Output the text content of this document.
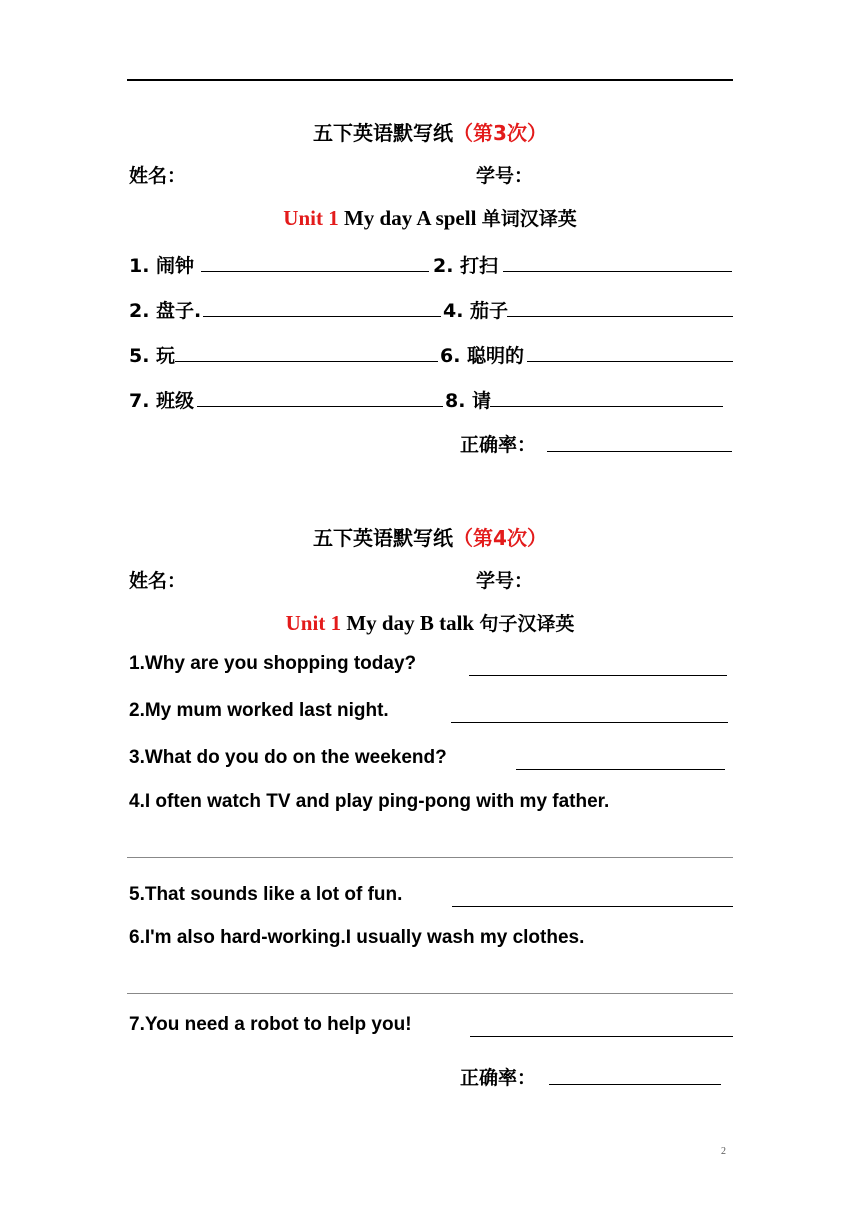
五下英语默写纸（第3次）
姓名：	学号：
Unit 1 My day A spell 单词汉译英
1. 闹钟	2. 打扫
2. 盘子.	4. 茄子
5. 玩	6. 聪明的
7. 班级	8. 请
正确率：
五下英语默写纸（第4次）
姓名：	学号：
Unit 1 My day B talk 句子汉译英
1.Why are you shopping today?
2.My mum worked last night.
3.What do you do on the weekend?
4.I often watch TV and play ping-pong with my father.
5.That sounds like a lot of fun.
6.I'm also hard-working.I usually wash my clothes.
7.You need a robot to help you!
正确率：
2
